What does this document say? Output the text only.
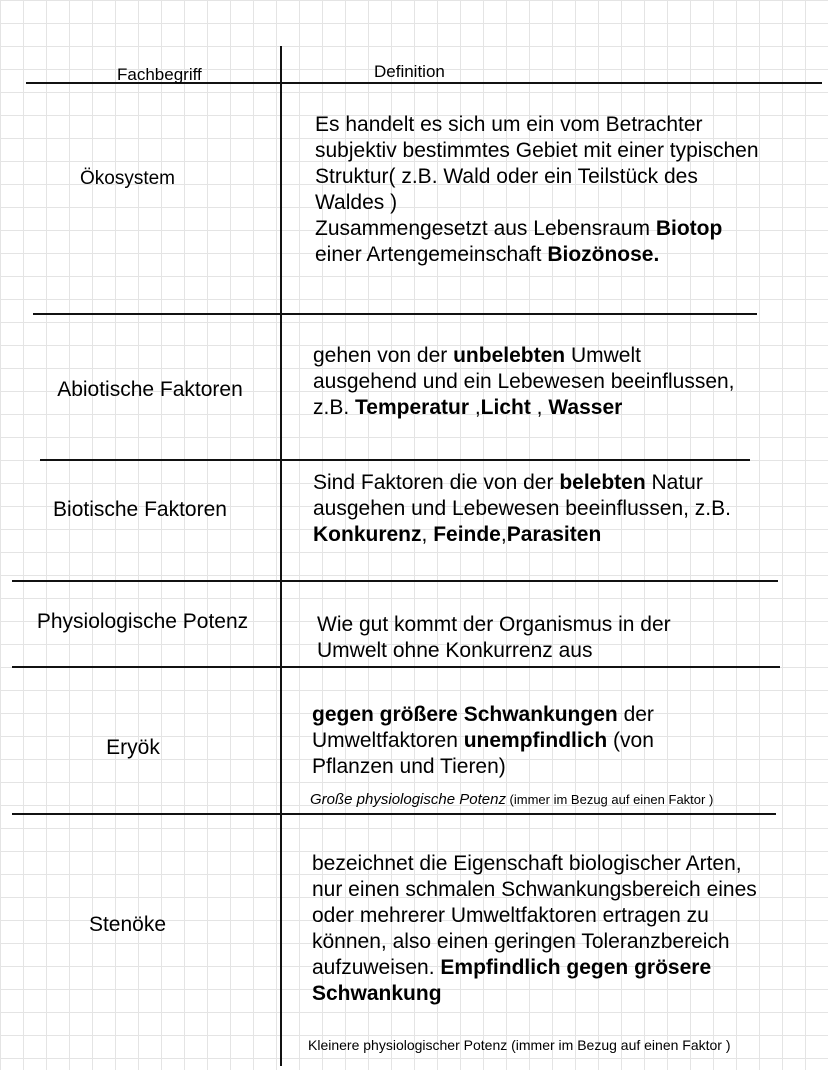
Fachbegriff	Definition
Ökosystem
Es handelt es sich um ein vom Betrachter
subjektiv bestimmtes Gebiet mit einer typischen
Struktur( z.B. Wald oder ein Teilstück des
Waldes )
Zusammengesetzt aus Lebensraum Biotop
einer Artengemeinschaft Biozönose.
Abiotische Faktoren
gehen von der unbelebten Umwelt
ausgehend und ein Lebewesen beeinflussen,
z.B. Temperatur ,Licht , Wasser
Biotische Faktoren
Sind Faktoren die von der belebten Natur
ausgehen und Lebewesen beeinflussen, z.B.
Konkurenz, Feinde,Parasiten
Physiologische Potenz	Wie gut kommt der Organismus in der
Umwelt ohne Konkurrenz aus
Eryök
gegen größere Schwankungen der
Umweltfaktoren unempfindlich (von
Pflanzen und Tieren)
Große physiologische Potenz (immer im Bezug auf einen Faktor )
Stenöke
bezeichnet die Eigenschaft biologischer Arten,
nur einen schmalen Schwankungsbereich eines
oder mehrerer Umweltfaktoren ertragen zu
können, also einen geringen Toleranzbereich
aufzuweisen. Empfindlich gegen grösere
Schwankung
Kleinere physiologischer Potenz (immer im Bezug auf einen Faktor )
